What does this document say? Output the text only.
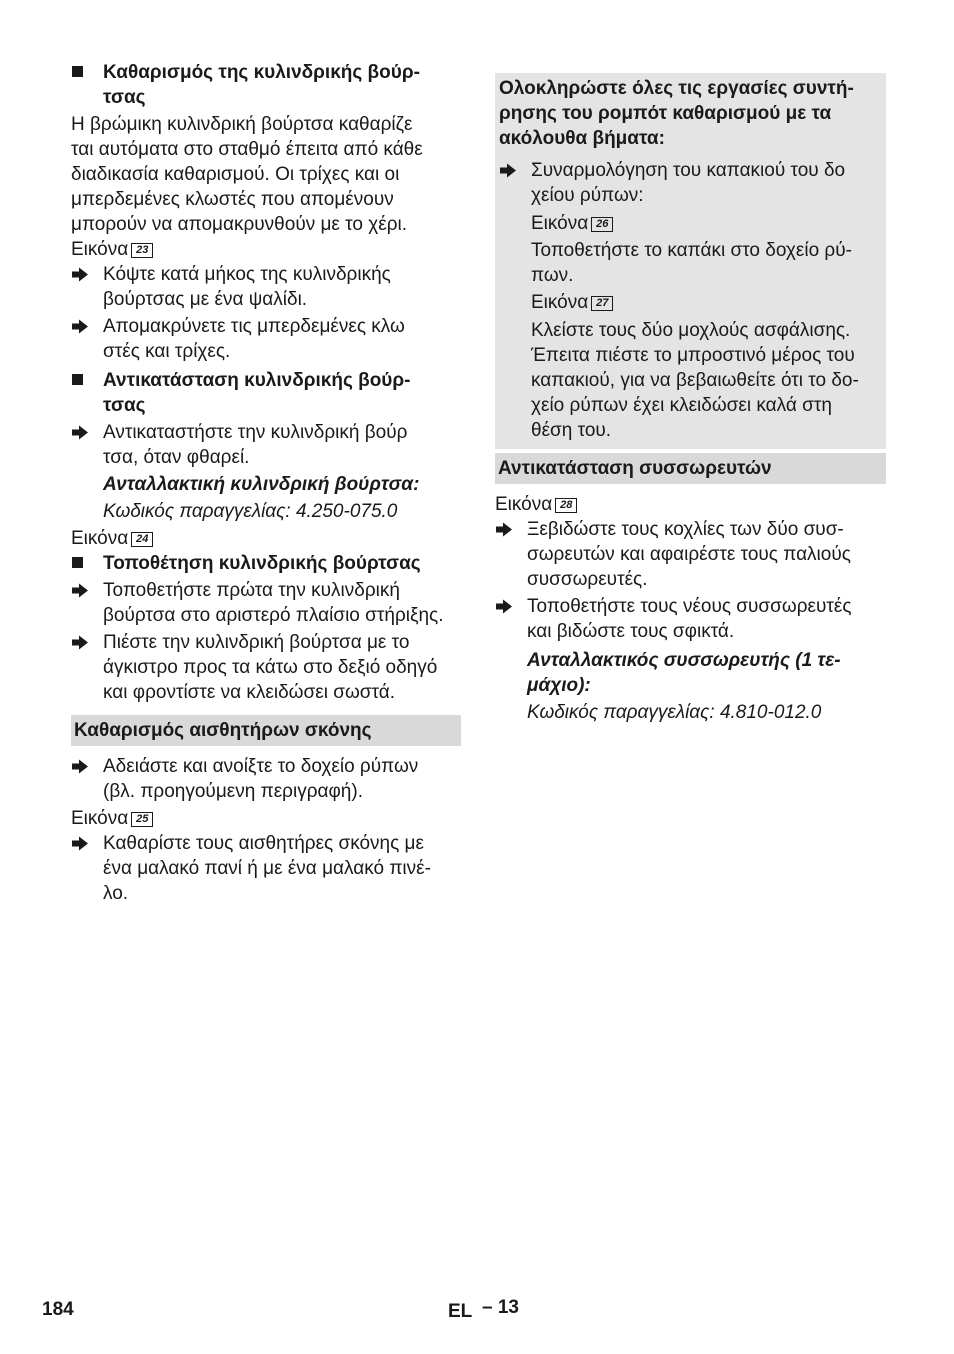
Καθαρισμός της κυλινδρικής βούρ-
τσας
Η βρώμικη κυλινδρική βούρτσα καθαρίζε
ται αυτόματα στο σταθμό έπειτα από κάθε
διαδικασία καθαρισμού. Οι τρίχες και οι
μπερδεμένες κλωστές που απομένουν
μπορούν να απομακρυνθούν με το χέρι.
Εικόνα 23
Κόψτε κατά μήκος της κυλινδρικής
βούρτσας με ένα ψαλίδι.
Απομακρύνετε τις μπερδεμένες κλω
στές και τρίχες.
Αντικατάσταση κυλινδρικής βούρ-
τσας
Αντικαταστήστε την κυλινδρική βούρ
τσα, όταν φθαρεί.
Ανταλλακτική κυλινδρική βούρτσα:
Κωδικός παραγγελίας: 4.250-075.0
Εικόνα 24
Τοποθέτηση κυλινδρικής βούρτσας
Τοποθετήστε πρώτα την κυλινδρική
βούρτσα στο αριστερό πλαίσιο στήριξης.
Πιέστε την κυλινδρική βούρτσα με το
άγκιστρο προς τα κάτω στο δεξιό οδηγό
και φροντίστε να κλειδώσει σωστά.
Καθαρισμός αισθητήρων σκόνης
Αδειάστε και ανοίξτε το δοχείο ρύπων
(βλ. προηγούμενη περιγραφή).
Εικόνα 25
Καθαρίστε τους αισθητήρες σκόνης με
ένα μαλακό πανί ή με ένα μαλακό πινέ-
λο.
Ολοκληρώστε όλες τις εργασίες συντή-
ρησης του ρομπότ καθαρισμού με τα
ακόλουθα βήματα:
Συναρμολόγηση του καπακιού του δο
χείου ρύπων:
Εικόνα 26
Τοποθετήστε το καπάκι στο δοχείο ρύ-
πων.
Εικόνα 27
Κλείστε τους δύο μοχλούς ασφάλισης.
Έπειτα πιέστε το μπροστινό μέρος του
καπακιού, για να βεβαιωθείτε ότι το δο-
χείο ρύπων έχει κλειδώσει καλά στη
θέση του.
Αντικατάσταση συσσωρευτών
Εικόνα 28
Ξεβιδώστε τους κοχλίες των δύο συσ-
σωρευτών και αφαιρέστε τους παλιούς
συσσωρευτές.
Τοποθετήστε τους νέους συσσωρευτές
και βιδώστε τους σφικτά.
Ανταλλακτικός συσσωρευτής (1 τε-
μάχιο):
Κωδικός παραγγελίας: 4.810-012.0
184	EL – 13
